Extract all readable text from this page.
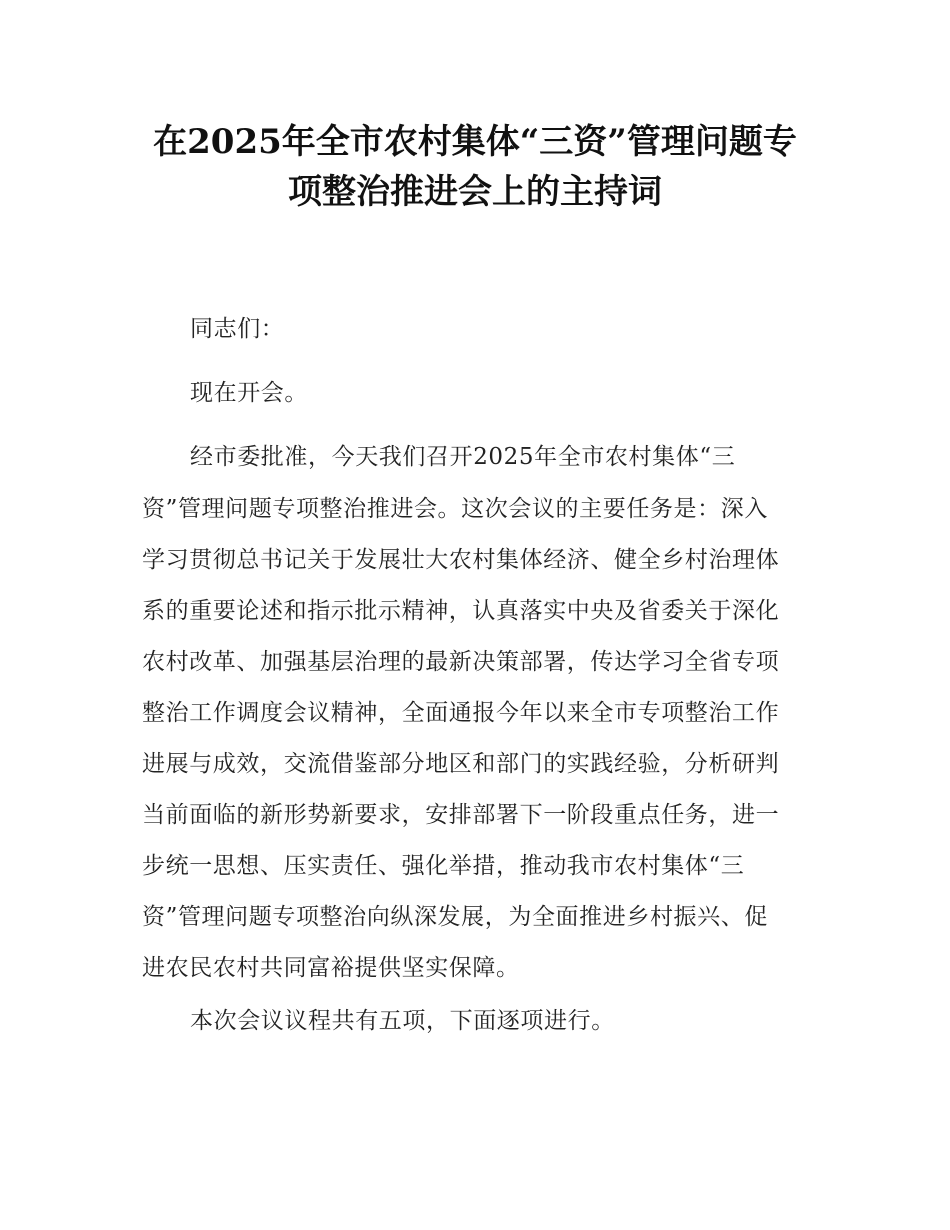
在2025年全市农村集体“三资”管理问题专
项整治推进会上的主持词
同志们：
现在开会。
经市委批准，今天我们召开2025年全市农村集体“三
资”管理问题专项整治推进会。这次会议的主要任务是：深入
学习贯彻总书记关于发展壮大农村集体经济、健全乡村治理体
系的重要论述和指示批示精神，认真落实中央及省委关于深化
农村改革、加强基层治理的最新决策部署，传达学习全省专项
整治工作调度会议精神，全面通报今年以来全市专项整治工作
进展与成效，交流借鉴部分地区和部门的实践经验，分析研判
当前面临的新形势新要求，安排部署下一阶段重点任务，进一
步统一思想、压实责任、强化举措，推动我市农村集体“三
资”管理问题专项整治向纵深发展，为全面推进乡村振兴、促
进农民农村共同富裕提供坚实保障。
本次会议议程共有五项，下面逐项进行。
